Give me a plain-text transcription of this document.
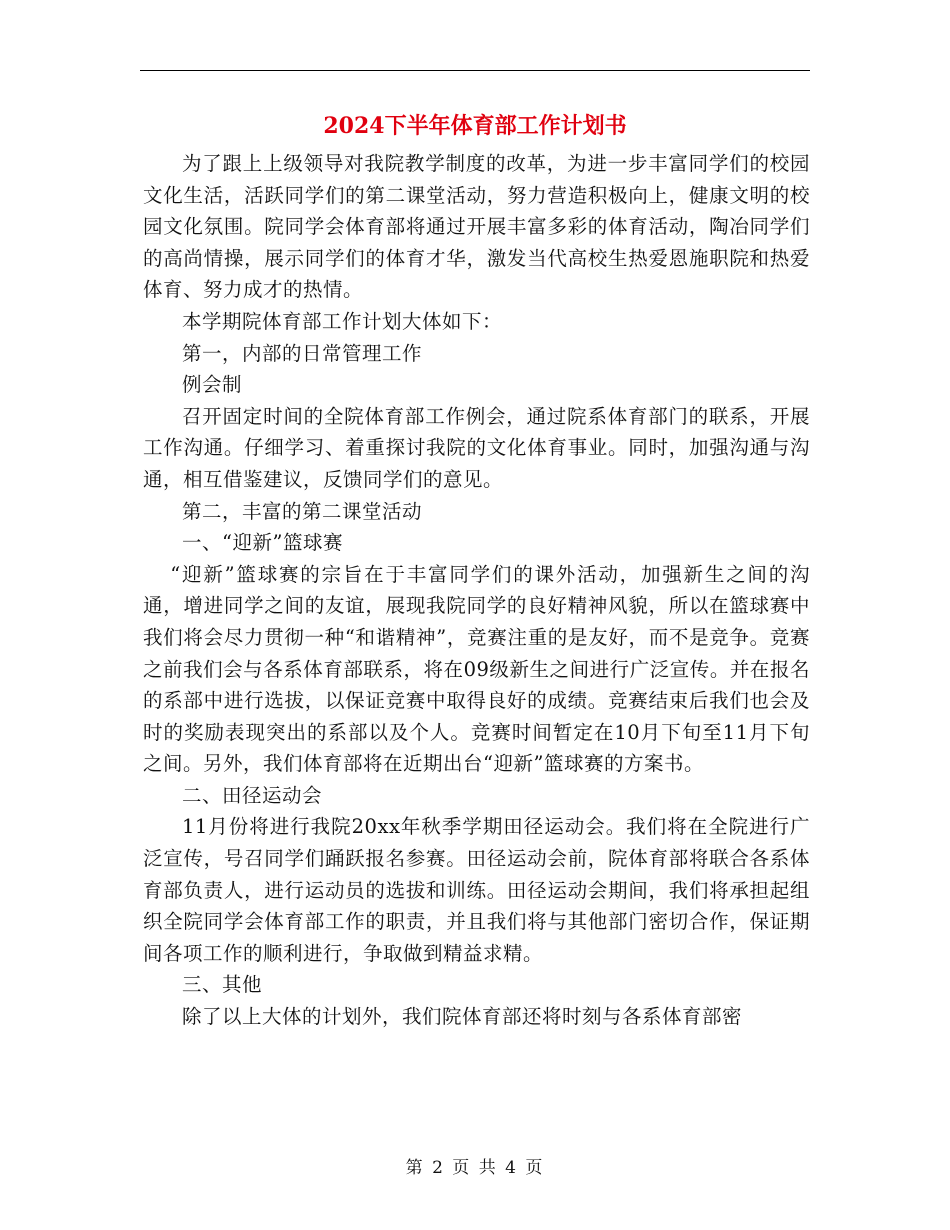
2024下半年体育部工作计划书

为了跟上上级领导对我院教学制度的改革，为进一步丰富同学们的校园文化生活，活跃同学们的第二课堂活动，努力营造积极向上，健康文明的校园文化氛围。院同学会体育部将通过开展丰富多彩的体育活动，陶冶同学们的高尚情操，展示同学们的体育才华，激发当代高校生热爱恩施职院和热爱体育、努力成才的热情。

本学期院体育部工作计划大体如下：

第一，内部的日常管理工作

例会制

召开固定时间的全院体育部工作例会，通过院系体育部门的联系，开展工作沟通。仔细学习、着重探讨我院的文化体育事业。同时，加强沟通与沟通，相互借鉴建议，反馈同学们的意见。

第二，丰富的第二课堂活动

一、“迎新”篮球赛

“迎新”篮球赛的宗旨在于丰富同学们的课外活动，加强新生之间的沟通，增进同学之间的友谊，展现我院同学的良好精神风貌，所以在篮球赛中我们将会尽力贯彻一种“和谐精神”，竞赛注重的是友好，而不是竞争。竞赛之前我们会与各系体育部联系，将在09级新生之间进行广泛宣传。并在报名的系部中进行选拔，以保证竞赛中取得良好的成绩。竞赛结束后我们也会及时的奖励表现突出的系部以及个人。竞赛时间暂定在10月下旬至11月下旬之间。另外，我们体育部将在近期出台“迎新”篮球赛的方案书。

二、田径运动会

11月份将进行我院20xx年秋季学期田径运动会。我们将在全院进行广泛宣传，号召同学们踊跃报名参赛。田径运动会前，院体育部将联合各系体育部负责人，进行运动员的选拔和训练。田径运动会期间，我们将承担起组织全院同学会体育部工作的职责，并且我们将与其他部门密切合作，保证期间各项工作的顺利进行，争取做到精益求精。

三、其他

除了以上大体的计划外，我们院体育部还将时刻与各系体育部密

第 2 页 共 4 页
